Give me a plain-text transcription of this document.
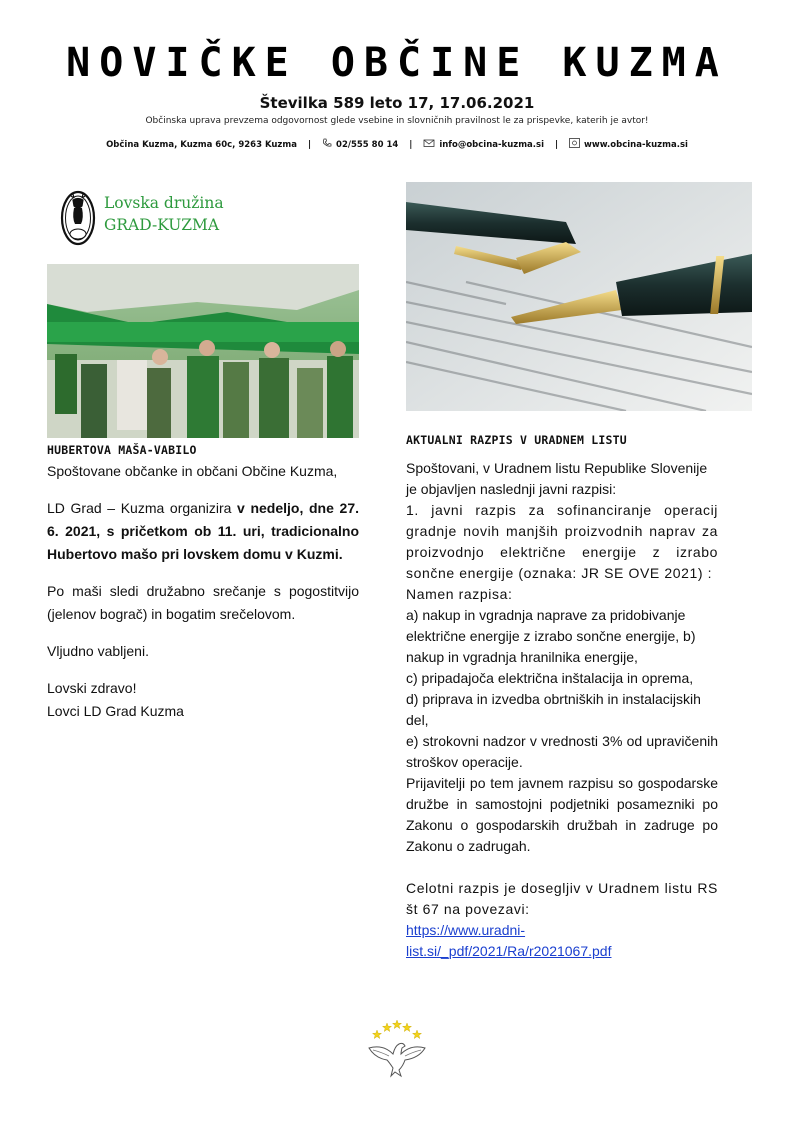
NOVIČKE OBČINE KUZMA
Številka 589 leto 17, 17.06.2021
Občinska uprava prevzema odgovornost glede vsebine in slovničnih pravilnost le za prispevke, katerih je avtor!
Občina Kuzma, Kuzma 60c, 9263 Kuzma |	02/555 80 14 |	info@obcina-kuzma.si |	www.obcina-kuzma.si
Lovska družina
GRAD-KUZMA
HUBERTOVA MAŠA-VABILO

Spoštovane občanke in občani Občine Kuzma,

LD Grad – Kuzma organizira v nedeljo, dne 27. 6. 2021, s pričetkom ob 11. uri, tradicionalno Hubertovo mašo pri lovskem domu v Kuzmi.

Po maši sledi družabno srečanje s pogostitvijo (jelenov bograč) in bogatim srečelovom.

Vljudno vabljeni.

Lovski zdravo!
Lovci LD Grad Kuzma

AKTUALNI RAZPIS V URADNEM LISTU
Spoštovani, v Uradnem listu Republike Slovenije je objavljen naslednji javni razpisi:
1. javni razpis za sofinanciranje operacij gradnje novih manjših proizvodnih naprav za proizvodnjo električne energije z izrabo sončne energije (oznaka: JR SE OVE 2021) :
Namen razpisa:
a) nakup in vgradnja naprave za pridobivanje električne energije z izrabo sončne energije, b) nakup in vgradnja hranilnika energije,
c) pripadajoča električna inštalacija in oprema,
d) priprava in izvedba obrtniških in instalacijskih del,
e) strokovni nadzor v vrednosti 3% od upravičenih stroškov operacije.
Prijavitelji po tem javnem razpisu so gospodarske družbe in samostojni podjetniki posamezniki po Zakonu o gospodarskih družbah in zadruge po Zakonu o zadrugah.
Celotni razpis je dosegljiv v Uradnem listu RS št 67 na povezavi:
https://www.uradni-list.si/_pdf/2021/Ra/r2021067.pdf
